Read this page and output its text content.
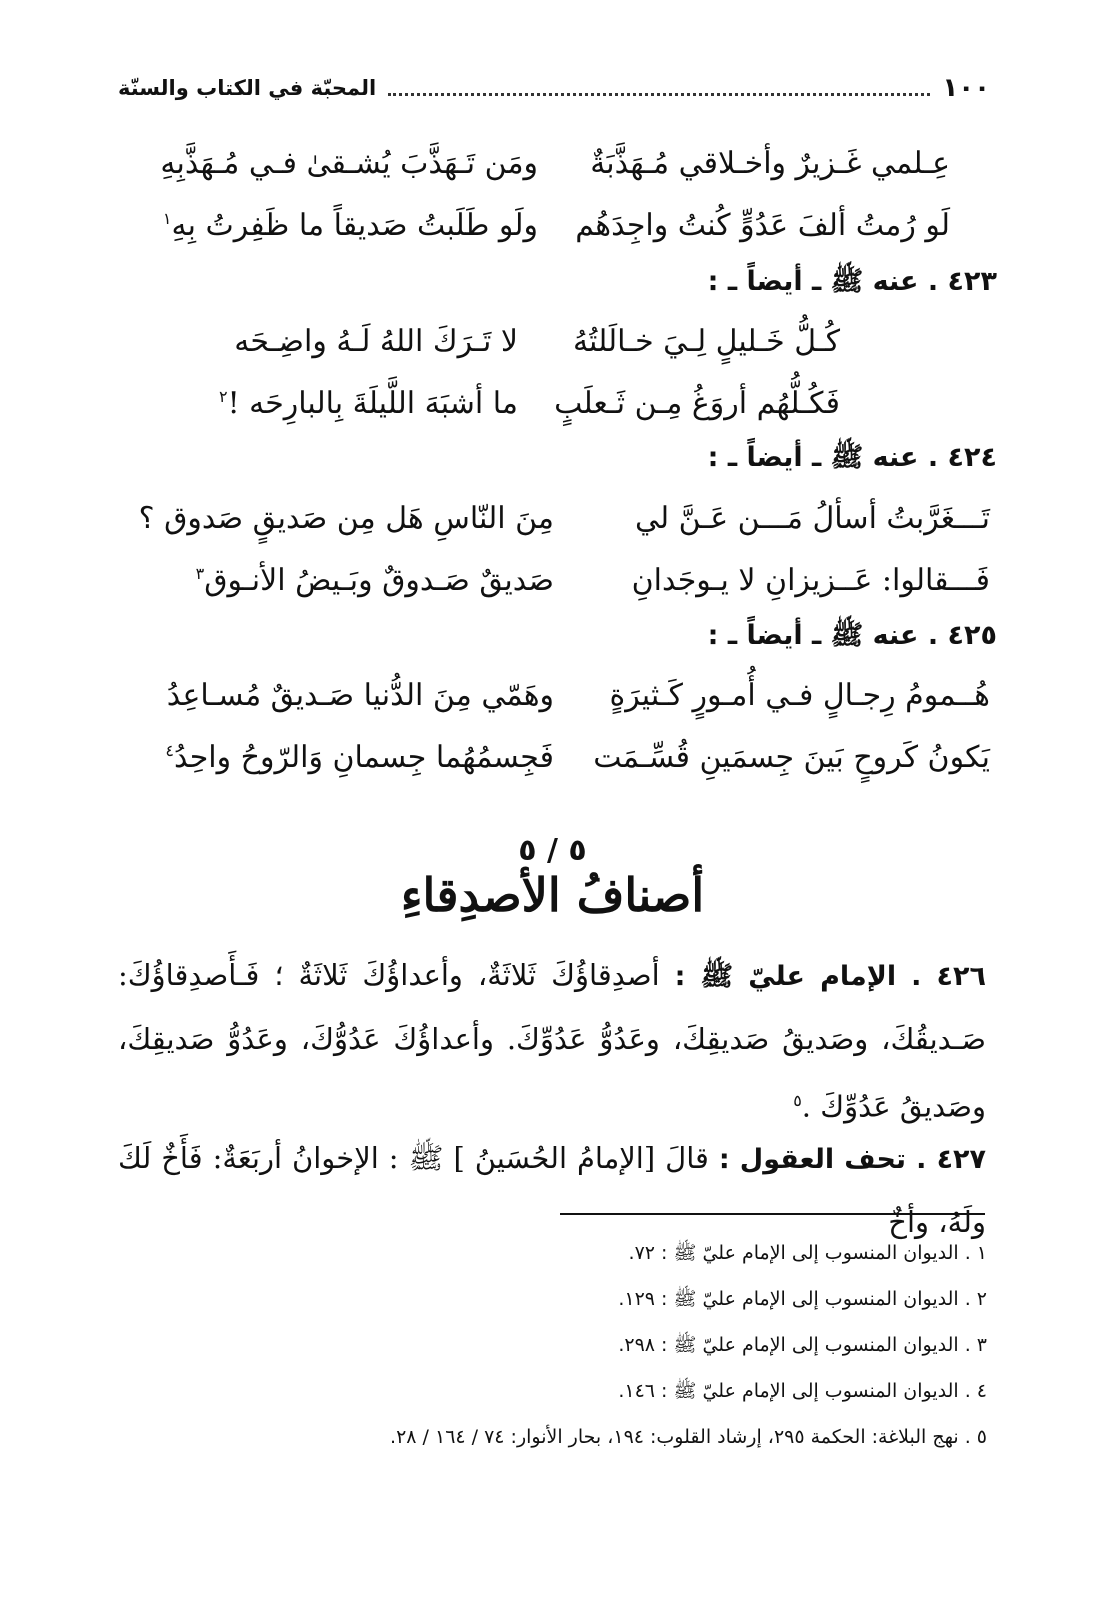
١٠٠
المحبّة في الكتاب والسنّة
عِـلمي غَـزيرٌ وأخـلاقي مُـهَذَّبَةٌ
ومَن تَـهَذَّبَ يُشـقىٰ فـي مُـهَذَّبِهِ
لَو رُمتُ ألفَ عَدُوٍّ كُنتُ واجِدَهُم
ولَو طَلَبتُ صَديقاً ما ظَفِرتُ بِهِ$^١$
٤٢٣ . عنه ﷺ ـ أيضاً ـ :
كُـلُّ خَـليلٍ لِـيَ خـالَلتُهُ
لا تَـرَكَ اللهُ لَـهُ واضِـحَه
فَكُـلُّهُم أروَغُ مِـن ثَـعلَبٍ
ما أشبَهَ اللَّيلَةَ بِالبارِحَه !$^٢$
٤٢٤ . عنه ﷺ ـ أيضاً ـ :
تَـــغَرَّبتُ أسألُ مَـــن عَـنَّ لي
مِنَ النّاسِ هَل مِن صَديقٍ صَدوق ؟
فَـــقالوا: عَــزيزانِ لا يـوجَدانِ
صَديقٌ صَـدوقٌ وبَـيضُ الأنـوق$^٣$
٤٢٥ . عنه ﷺ ـ أيضاً ـ :
هُــمومُ رِجـالٍ فـي أُمـورٍ كَـثيرَةٍ
وهَمّي مِنَ الدُّنيا صَـديقٌ مُسـاعِدُ
يَكونُ كَروحٍ بَينَ جِسمَينِ قُسِّـمَت
فَجِسمُهُما جِسمانِ وَالرّوحُ واحِدُ$^٤$
٥ / ٥
أصنافُ الأصدِقاءِ
٤٢٦ . الإمام عليّ ﷺ : أصدِقاؤُكَ ثَلاثَةٌ، وأعداؤُكَ ثَلاثَةٌ ؛ فَـأَصدِقاؤُكَ: صَـديقُكَ، وصَديقُ صَديقِكَ، وعَدُوُّ عَدُوِّكَ. وأعداؤُكَ عَدُوُّكَ، وعَدُوُّ صَديقِكَ، وصَديقُ عَدُوِّكَ .$^٥$
٤٢٧ . تحف العقول : قالَ [الإمامُ الحُسَينُ ] ﷺ : الإخوانُ أربَعَةٌ: فَأَخٌ لَكَ ولَهُ، وأخٌ
١ . الديوان المنسوب إلى الإمام عليّ ﷺ : ٧٢.
٢ . الديوان المنسوب إلى الإمام عليّ ﷺ : ١٢٩.
٣ . الديوان المنسوب إلى الإمام عليّ ﷺ : ٢٩٨.
٤ . الديوان المنسوب إلى الإمام عليّ ﷺ : ١٤٦.
٥ . نهج البلاغة: الحكمة ٢٩٥، إرشاد القلوب: ١٩٤، بحار الأنوار: ٧٤ / ١٦٤ / ٢٨.
